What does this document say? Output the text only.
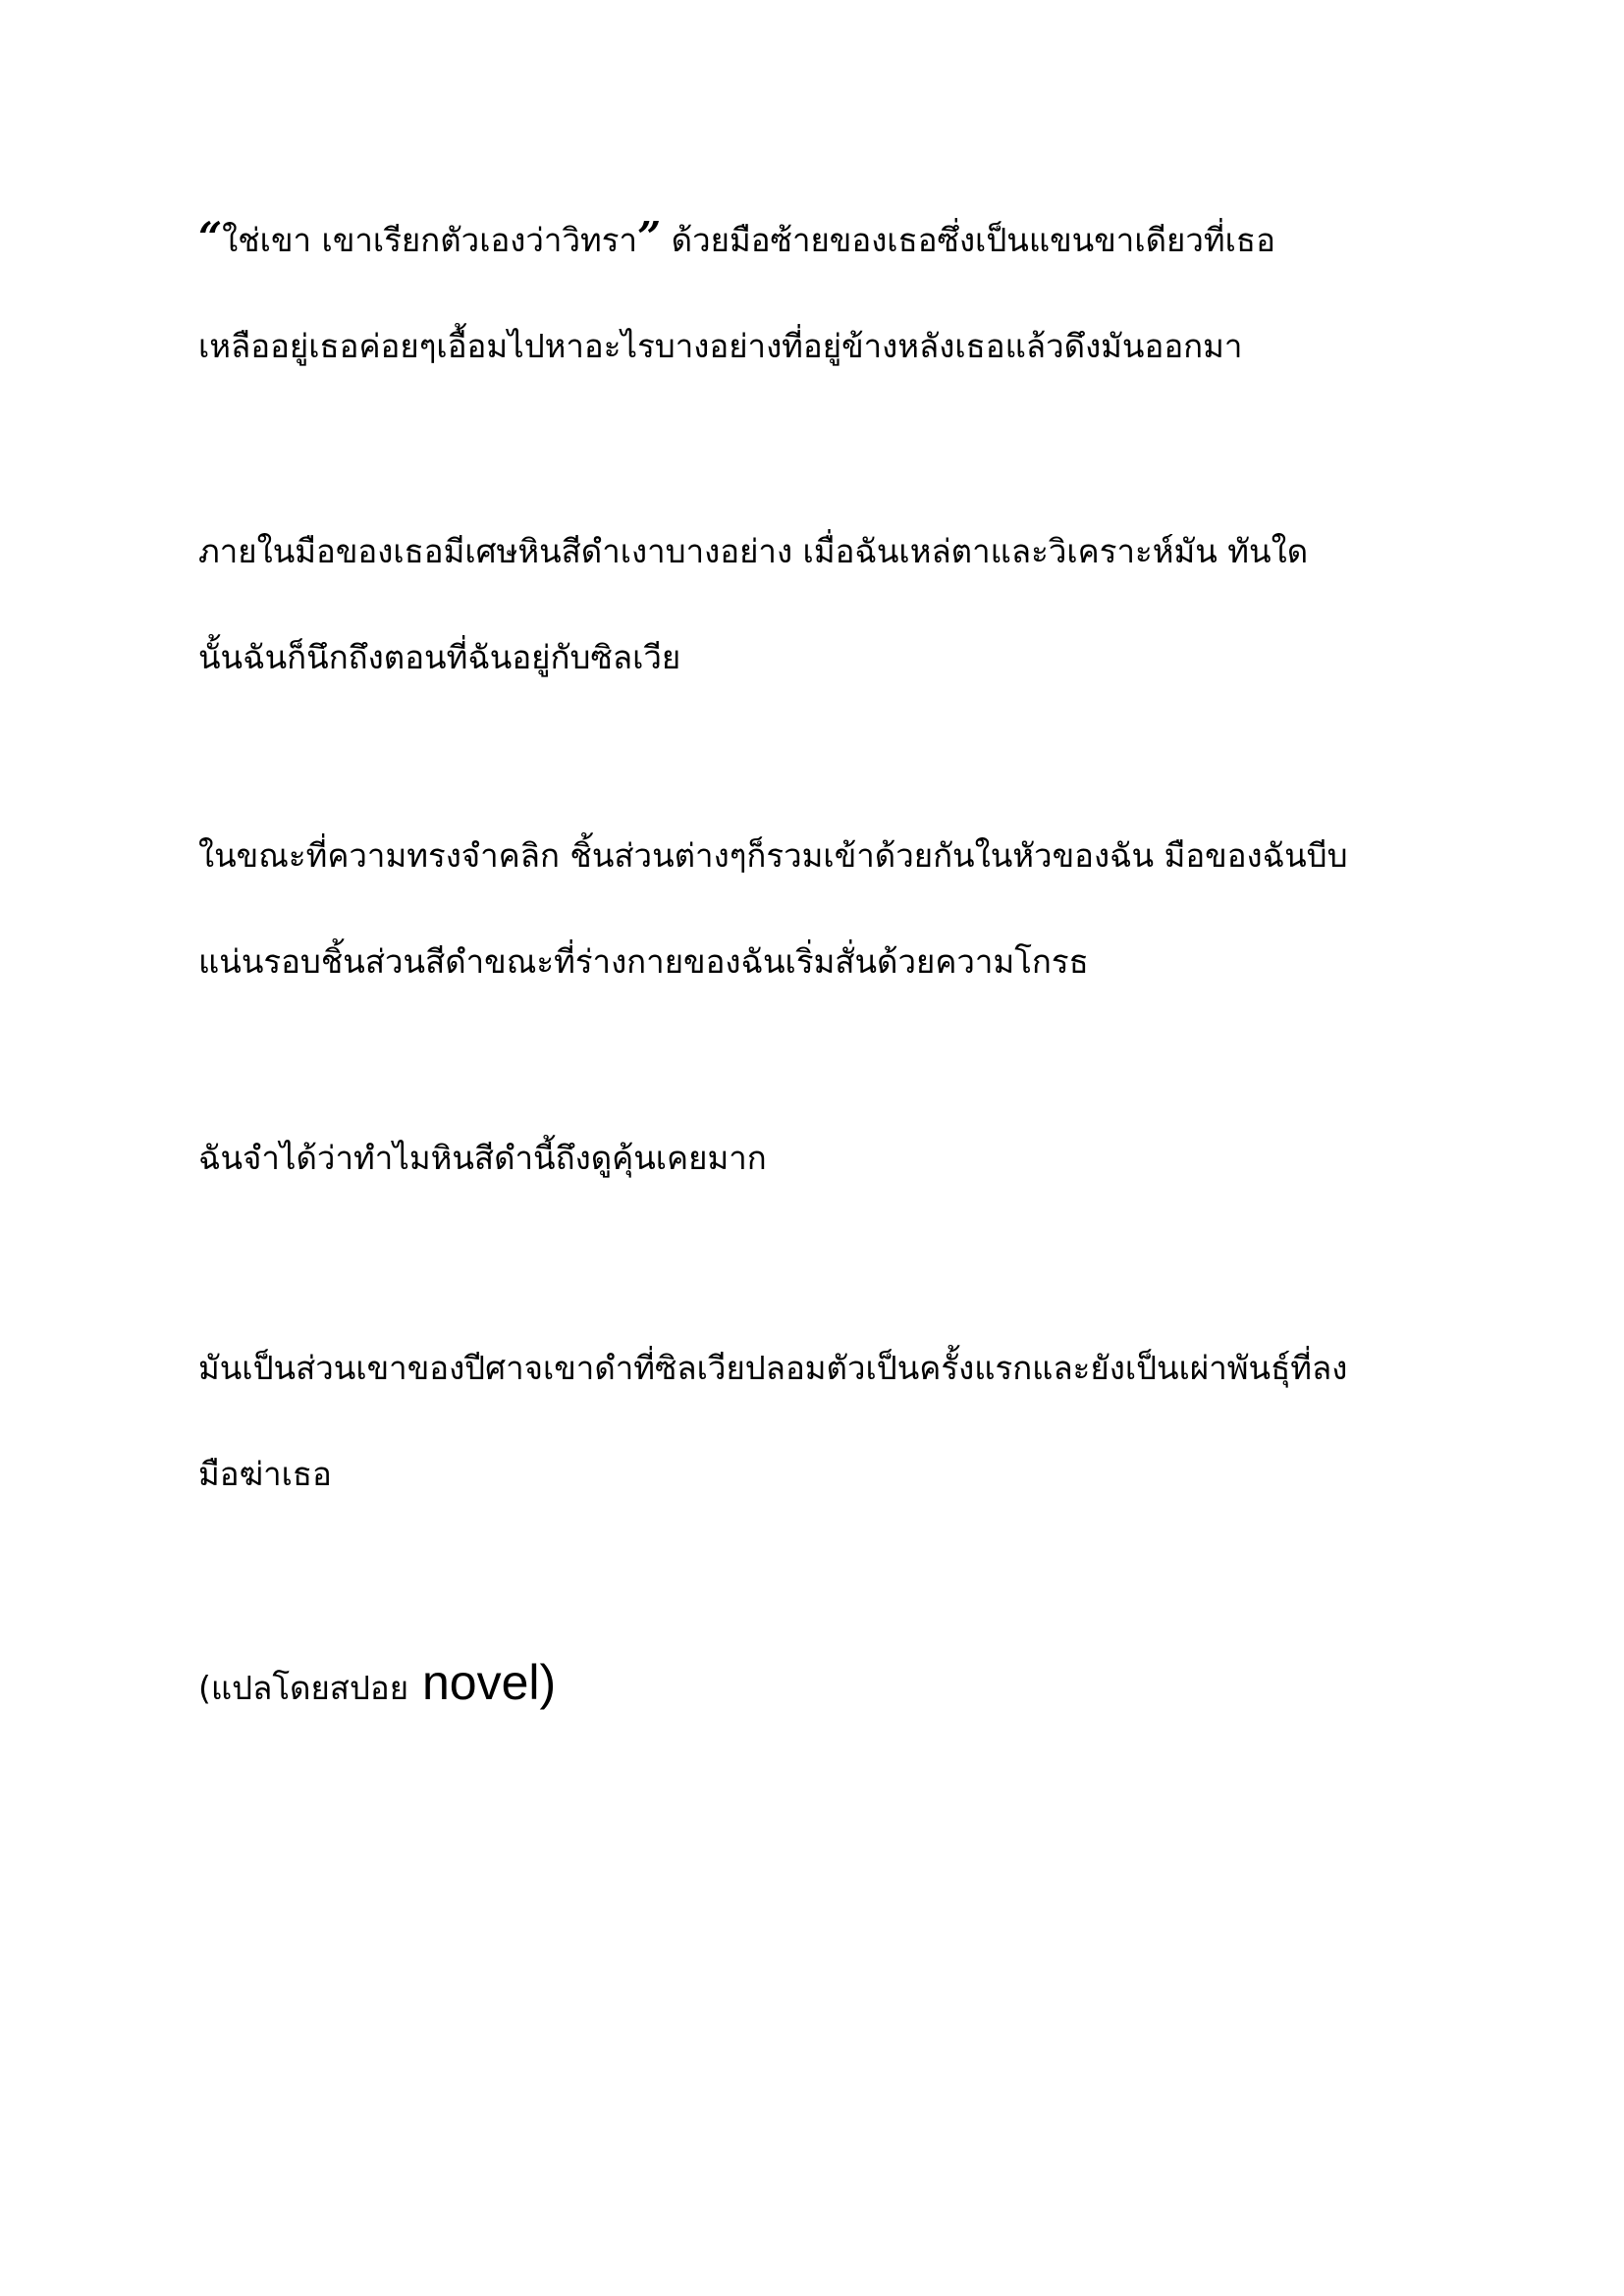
“ใช่เขา เขาเรียกตัวเองว่าวิทรา” ด้วยมือซ้ายของเธอซึ่งเป็นแขนขาเดียวที่เธอ
เหลืออยู่เธอค่อยๆเอื้อมไปหาอะไรบางอย่างที่อยู่ข้างหลังเธอแล้วดึงมันออกมา

ภายในมือของเธอมีเศษหินสีดำเงาบางอย่าง เมื่อฉันเหล่ตาและวิเคราะห์มัน ทันใด
นั้นฉันก็นึกถึงตอนที่ฉันอยู่กับซิลเวีย

ในขณะที่ความทรงจำคลิก ชิ้นส่วนต่างๆก็รวมเข้าด้วยกันในหัวของฉัน มือของฉันบีบ
แน่นรอบชิ้นส่วนสีดำขณะที่ร่างกายของฉันเริ่มสั่นด้วยความโกรธ

ฉันจำได้ว่าทำไมหินสีดำนี้ถึงดูคุ้นเคยมาก

มันเป็นส่วนเขาของปีศาจเขาดำที่ซิลเวียปลอมตัวเป็นครั้งแรกและยังเป็นเผ่าพันธุ์ที่ลง
มือฆ่าเธอ

(แปลโดยสปอย novel)
